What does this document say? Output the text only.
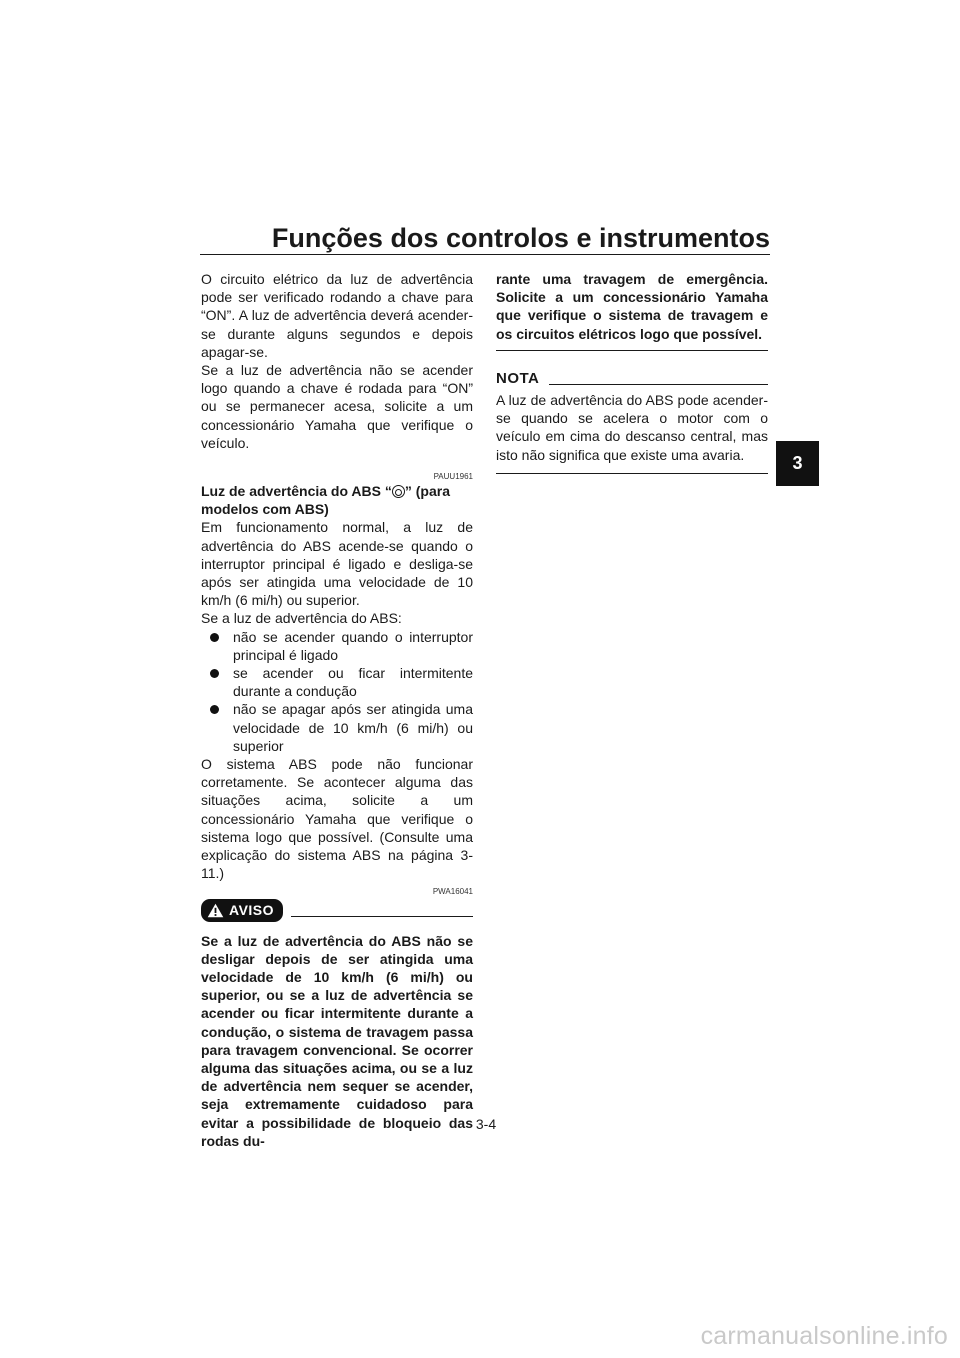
Funções dos controlos e instrumentos
3

O circuito elétrico da luz de advertência pode ser verificado rodando a chave para “ON”. A luz de advertência deverá acender-se durante alguns segundos e depois apagar-se.
Se a luz de advertência não se acender logo quando a chave é rodada para “ON” ou se permanecer acesa, solicite a um concessionário Yamaha que verifique o veículo.

PAUU1961

Luz de advertência do ABS “ ” (para modelos com ABS)

Em funcionamento normal, a luz de advertência do ABS acende-se quando o interruptor principal é ligado e desliga-se após ser atingida uma velocidade de 10 km/h (6 mi/h) ou superior.

Se a luz de advertência do ABS:

não se acender quando o interruptor principal é ligado
se acender ou ficar intermitente durante a condução
não se apagar após ser atingida uma velocidade de 10 km/h (6 mi/h) ou superior

O sistema ABS pode não funcionar corretamente. Se acontecer alguma das situações acima, solicite a um concessionário Yamaha que verifique o sistema logo que possível. (Consulte uma explicação do sistema ABS na página 3-11.)

PWA16041
AVISO

Se a luz de advertência do ABS não se desligar depois de ser atingida uma velocidade de 10 km/h (6 mi/h) ou superior, ou se a luz de advertência se acender ou ficar intermitente durante a condução, o sistema de travagem passa para travagem convencional. Se ocorrer alguma das situações acima, ou se a luz de advertência nem sequer se acender, seja extremamente cuidadoso para evitar a possibilidade de bloqueio das rodas du-

rante uma travagem de emergência. Solicite a um concessionário Yamaha que verifique o sistema de travagem e os circuitos elétricos logo que possível.

NOTA

A luz de advertência do ABS pode acender-se quando se acelera o motor com o veículo em cima do descanso central, mas isto não significa que existe uma avaria.

3-4
carmanualsonline.info
